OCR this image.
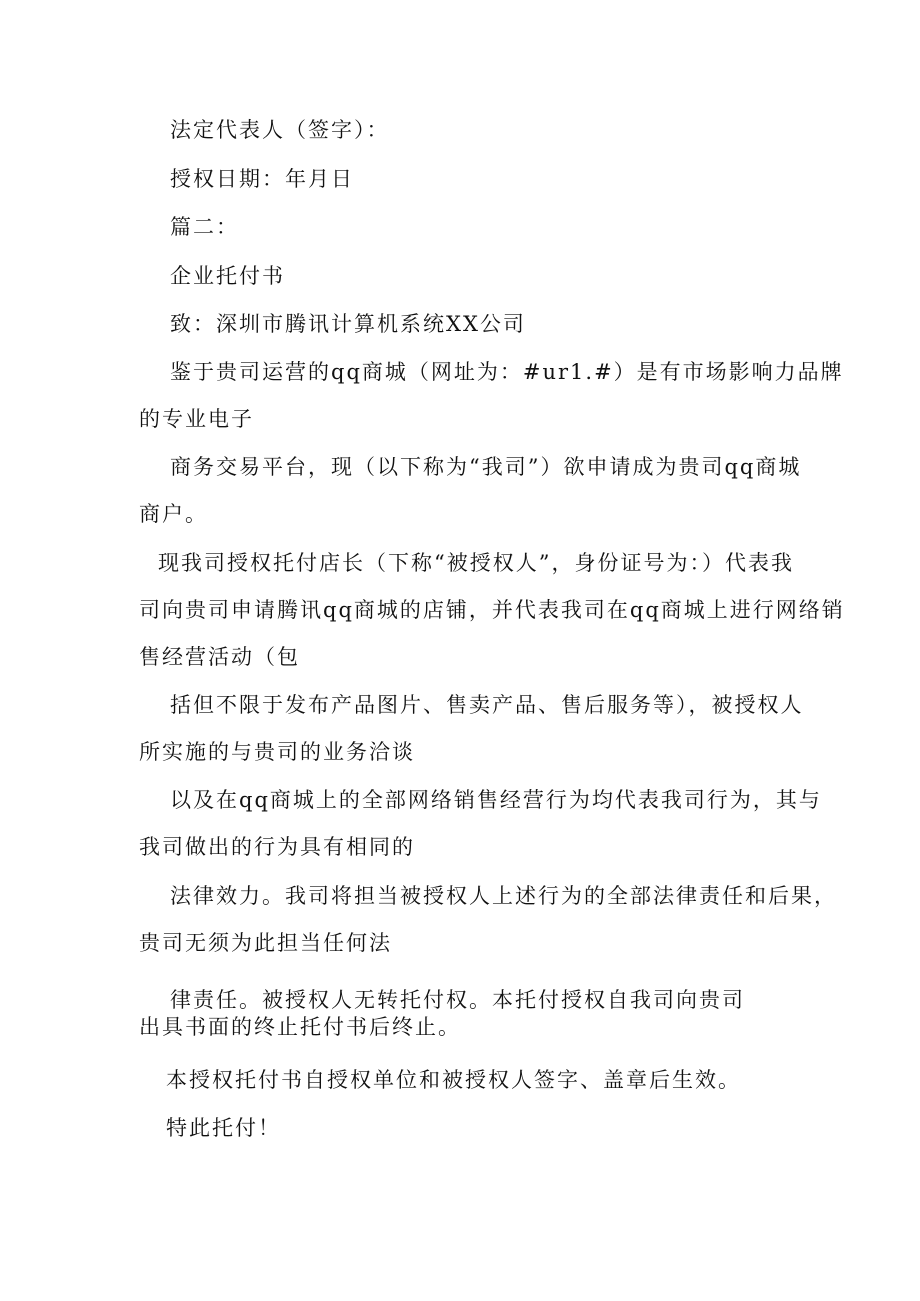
法定代表人（签字）：
授权日期：年月日
篇二：
企业托付书
致：深圳市腾讯计算机系统XX公司
鉴于贵司运营的qq商城（网址为：#ur1.#）是有市场影响力品牌
的专业电子
商务交易平台，现（以下称为“我司”）欲申请成为贵司qq商城
商户。
现我司授权托付店长（下称“被授权人”，身份证号为：）代表我
司向贵司申请腾讯qq商城的店铺，并代表我司在qq商城上进行网络销
售经营活动（包
括但不限于发布产品图片、售卖产品、售后服务等），被授权人
所实施的与贵司的业务洽谈
以及在qq商城上的全部网络销售经营行为均代表我司行为，其与
我司做出的行为具有相同的
法律效力。我司将担当被授权人上述行为的全部法律责任和后果，
贵司无须为此担当任何法
律责任。被授权人无转托付权。本托付授权自我司向贵司
出具书面的终止托付书后终止。
本授权托付书自授权单位和被授权人签字、盖章后生效。
特此托付！
